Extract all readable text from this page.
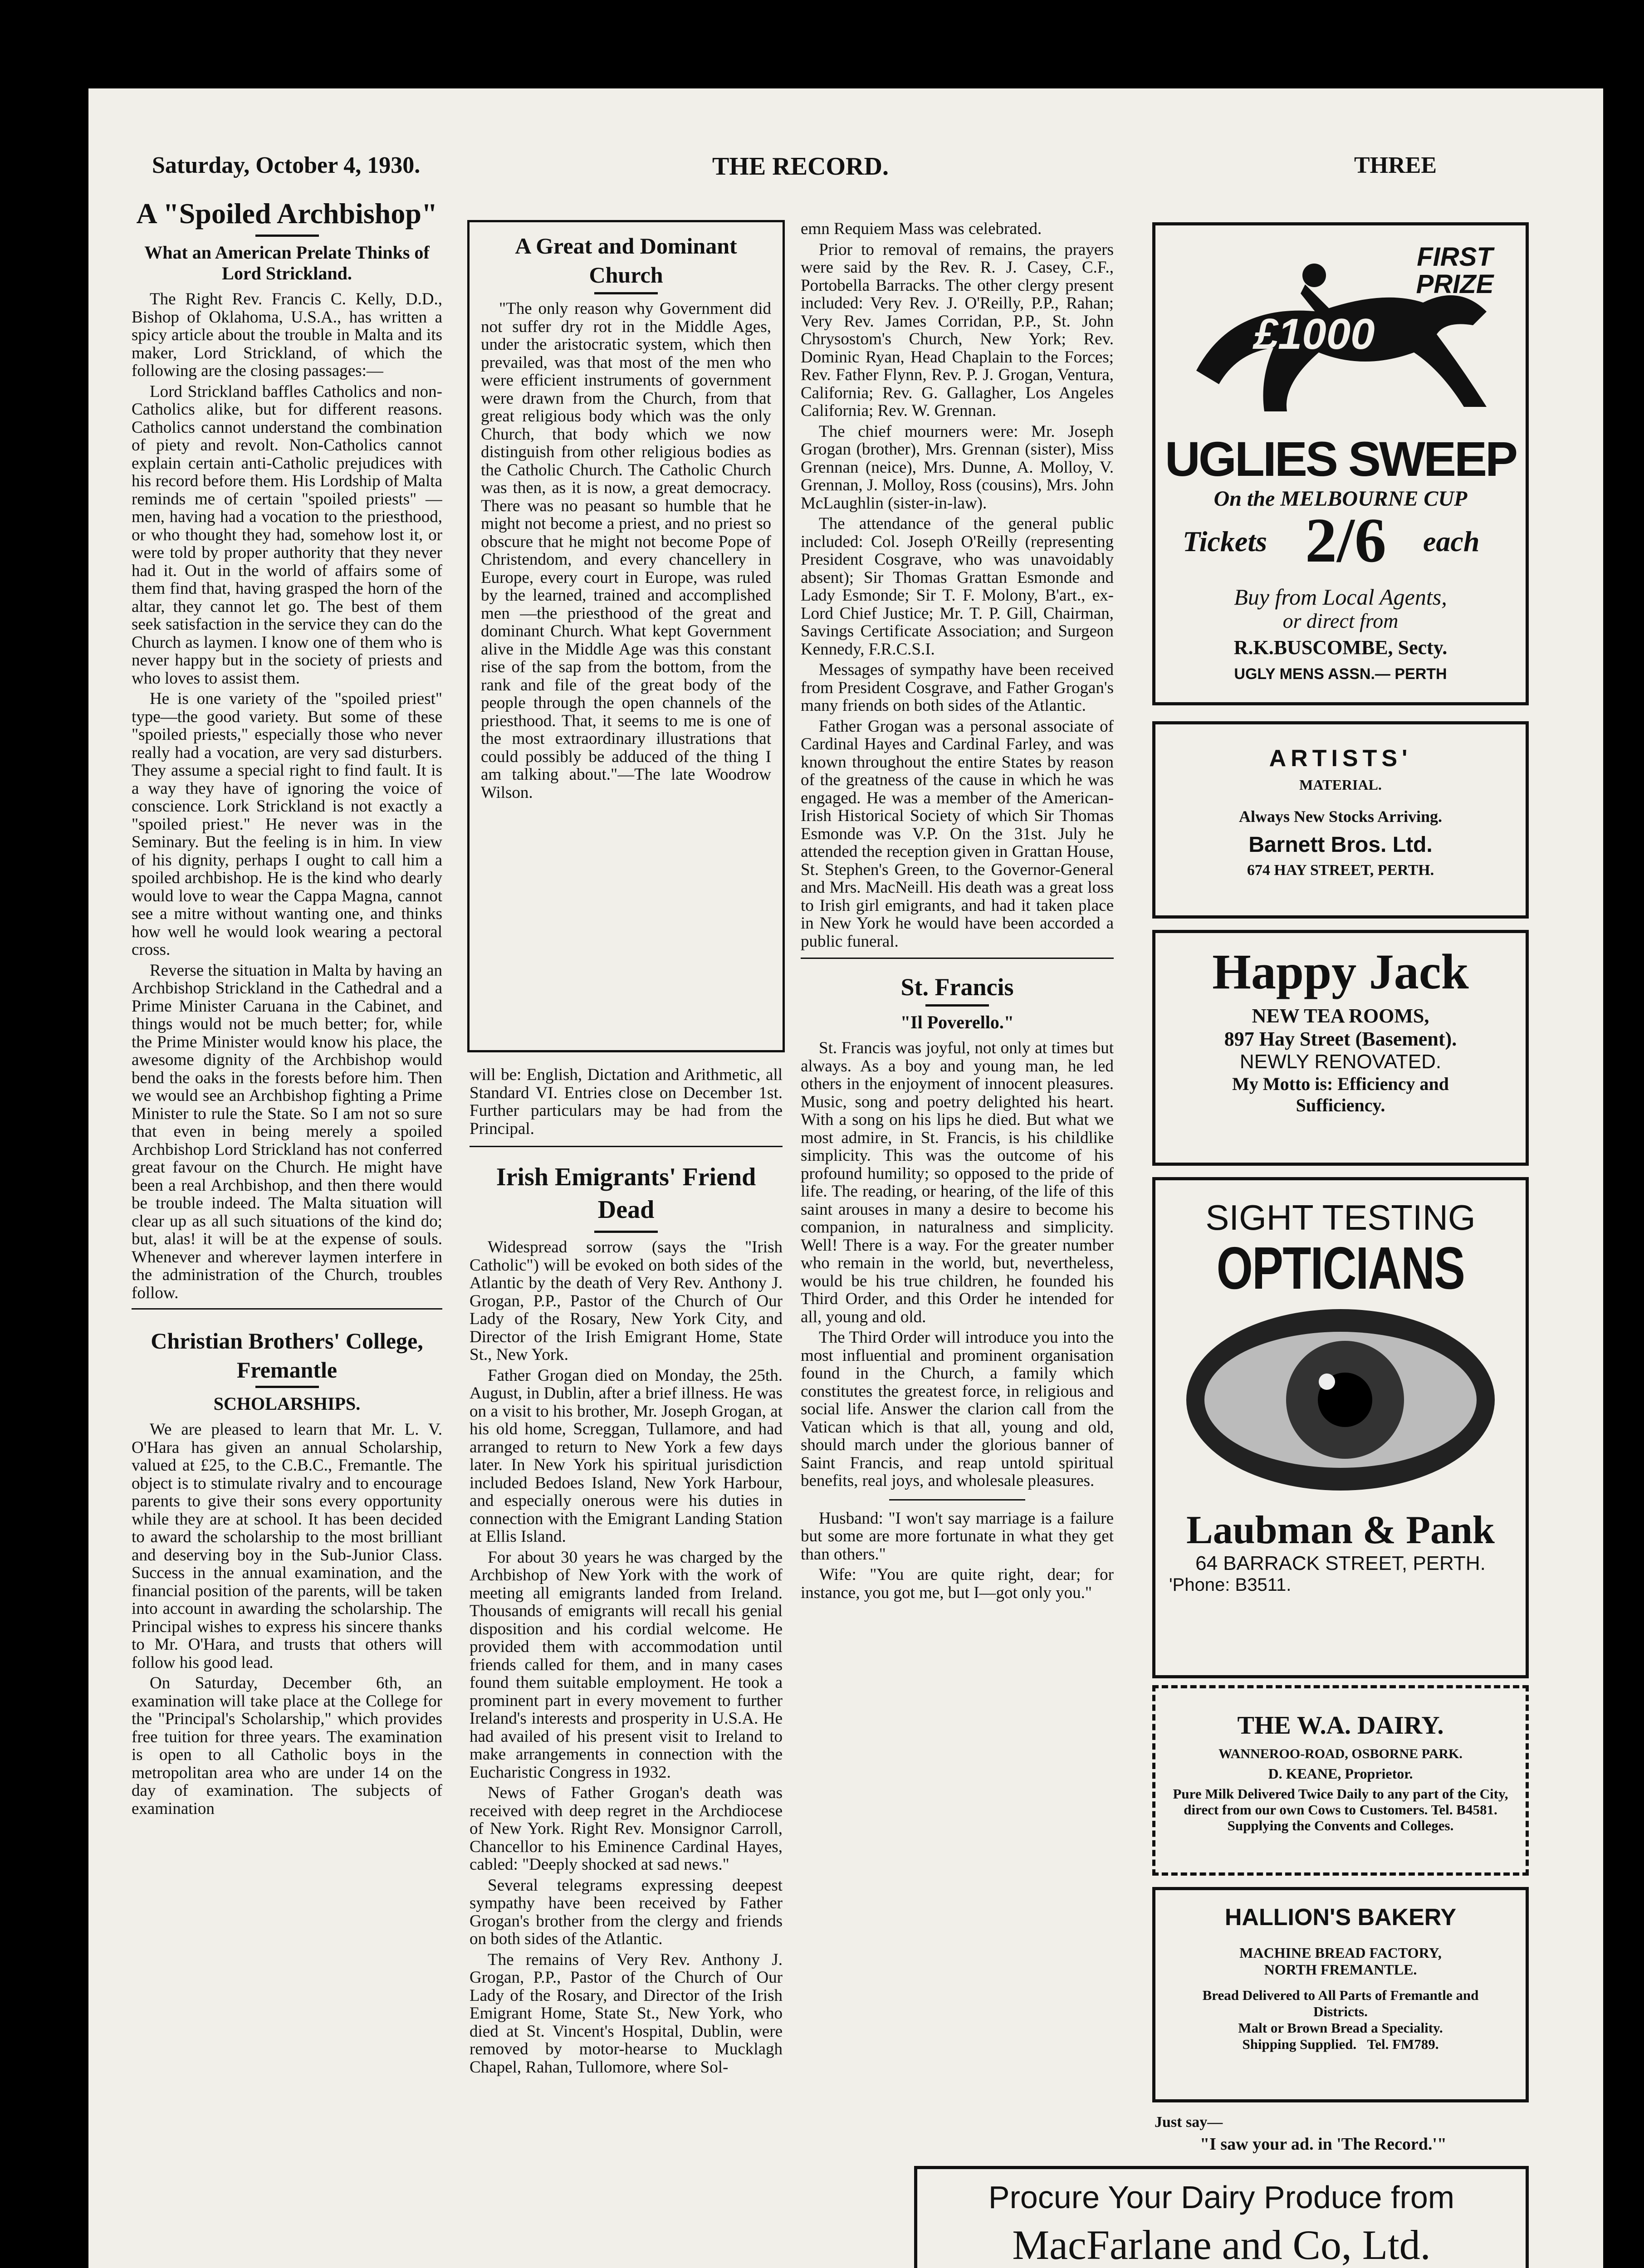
Saturday, October 4, 1930.	THE RECORD.	THREE
A "Spoiled Archbishop"
What an American Prelate Thinks of Lord Strickland.

The Right Rev. Francis C. Kelly, D.D., Bishop of Oklahoma, U.S.A., has written a spicy article about the trouble in Malta and its maker, Lord Strickland, of which the following are the closing passages:—

Lord Strickland baffles Catholics and non-Catholics alike, but for different reasons. Catholics cannot understand the combination of piety and revolt. Non-Catholics cannot explain certain anti-Catholic prejudices with his record before them. His Lordship of Malta reminds me of certain "spoiled priests" —men, having had a vocation to the priesthood, or who thought they had, somehow lost it, or were told by proper authority that they never had it. Out in the world of affairs some of them find that, having grasped the horn of the altar, they cannot let go. The best of them seek satisfaction in the service they can do the Church as laymen. I know one of them who is never happy but in the society of priests and who loves to assist them.

He is one variety of the "spoiled priest" type—the good variety. But some of these "spoiled priests," especially those who never really had a vocation, are very sad disturbers. They assume a special right to find fault. It is a way they have of ignoring the voice of conscience. Lork Strickland is not exactly a "spoiled priest." He never was in the Seminary. But the feeling is in him. In view of his dignity, perhaps I ought to call him a spoiled archbishop. He is the kind who dearly would love to wear the Cappa Magna, cannot see a mitre without wanting one, and thinks how well he would look wearing a pectoral cross.

Reverse the situation in Malta by having an Archbishop Strickland in the Cathedral and a Prime Minister Caruana in the Cabinet, and things would not be much better; for, while the Prime Minister would know his place, the awesome dignity of the Archbishop would bend the oaks in the forests before him. Then we would see an Archbishop fighting a Prime Minister to rule the State. So I am not so sure that even in being merely a spoiled Archbishop Lord Strickland has not conferred great favour on the Church. He might have been a real Archbishop, and then there would be trouble indeed. The Malta situation will clear up as all such situations of the kind do; but, alas! it will be at the expense of souls. Whenever and wherever laymen interfere in the administration of the Church, troubles follow.

Christian Brothers' College,
Fremantle
SCHOLARSHIPS.

We are pleased to learn that Mr. L. V. O'Hara has given an annual Scholarship, valued at £25, to the C.B.C., Fremantle. The object is to stimulate rivalry and to encourage parents to give their sons every opportunity while they are at school. It has been decided to award the scholarship to the most brilliant and deserving boy in the Sub-Junior Class. Success in the annual examination, and the financial position of the parents, will be taken into account in awarding the scholarship. The Principal wishes to express his sincere thanks to Mr. O'Hara, and trusts that others will follow his good lead.

On Saturday, December 6th, an examination will take place at the College for the "Principal's Scholarship," which provides free tuition for three years. The examination is open to all Catholic boys in the metropolitan area who are under 14 on the day of examination. The subjects of examination

A Great and Dominant Church
"The only reason why Government did not suffer dry rot in the Middle Ages, under the aristocratic system, which then prevailed, was that most of the men who were efficient instruments of government were drawn from the Church, from that great religious body which was the only Church, that body which we now distinguish from other religious bodies as the Catholic Church. The Catholic Church was then, as it is now, a great democracy. There was no peasant so humble that he might not become a priest, and no priest so obscure that he might not become Pope of Christendom, and every chancellery in Europe, every court in Europe, was ruled by the learned, trained and accomplished men —the priesthood of the great and dominant Church. What kept Government alive in the Middle Age was this constant rise of the sap from the bottom, from the rank and file of the great body of the people through the open channels of the priesthood. That, it seems to me is one of the most extraordinary illustrations that could possibly be adduced of the thing I am talking about."—The late Woodrow Wilson.

will be: English, Dictation and Arithmetic, all Standard VI. Entries close on December 1st. Further particulars may be had from the Principal.

Irish Emigrants' Friend Dead

Widespread sorrow (says the "Irish Catholic") will be evoked on both sides of the Atlantic by the death of Very Rev. Anthony J. Grogan, P.P., Pastor of the Church of Our Lady of the Rosary, New York City, and Director of the Irish Emigrant Home, State St., New York.

Father Grogan died on Monday, the 25th. August, in Dublin, after a brief illness. He was on a visit to his brother, Mr. Joseph Grogan, at his old home, Screggan, Tullamore, and had arranged to return to New York a few days later. In New York his spiritual jurisdiction included Bedoes Island, New York Harbour, and especially onerous were his duties in connection with the Emigrant Landing Station at Ellis Island.

For about 30 years he was charged by the Archbishop of New York with the work of meeting all emigrants landed from Ireland. Thousands of emigrants will recall his genial disposition and his cordial welcome. He provided them with accommodation until friends called for them, and in many cases found them suitable employment. He took a prominent part in every movement to further Ireland's interests and prosperity in U.S.A. He had availed of his present visit to Ireland to make arrangements in connection with the Eucharistic Congress in 1932.

News of Father Grogan's death was received with deep regret in the Archdiocese of New York. Right Rev. Monsignor Carroll, Chancellor to his Eminence Cardinal Hayes, cabled: "Deeply shocked at sad news."

Several telegrams expressing deepest sympathy have been received by Father Grogan's brother from the clergy and friends on both sides of the Atlantic.

The remains of Very Rev. Anthony J. Grogan, P.P., Pastor of the Church of Our Lady of the Rosary, and Director of the Irish Emigrant Home, State St., New York, who died at St. Vincent's Hospital, Dublin, were removed by motor-hearse to Mucklagh Chapel, Rahan, Tullomore, where Sol-

emn Requiem Mass was celebrated.

Prior to removal of remains, the prayers were said by the Rev. R. J. Casey, C.F., Portobella Barracks. The other clergy present included: Very Rev. J. O'Reilly, P.P., Rahan; Very Rev. James Corridan, P.P., St. John Chrysostom's Church, New York; Rev. Dominic Ryan, Head Chaplain to the Forces; Rev. Father Flynn, Rev. P. J. Grogan, Ventura, California; Rev. G. Gallagher, Los Angeles California; Rev. W. Grennan.

The chief mourners were: Mr. Joseph Grogan (brother), Mrs. Grennan (sister), Miss Grennan (neice), Mrs. Dunne, A. Molloy, V. Grennan, J. Molloy, Ross (cousins), Mrs. John McLaughlin (sister-in-law).

The attendance of the general public included: Col. Joseph O'Reilly (representing President Cosgrave, who was unavoidably absent); Sir Thomas Grattan Esmonde and Lady Esmonde; Sir T. F. Molony, B'art., ex-Lord Chief Justice; Mr. T. P. Gill, Chairman, Savings Certificate Association; and Surgeon Kennedy, F.R.C.S.I.

Messages of sympathy have been received from President Cosgrave, and Father Grogan's many friends on both sides of the Atlantic.

Father Grogan was a personal associate of Cardinal Hayes and Cardinal Farley, and was known throughout the entire States by reason of the greatness of the cause in which he was engaged. He was a member of the American-Irish Historical Society of which Sir Thomas Esmonde was V.P. On the 31st. July he attended the reception given in Grattan House, St. Stephen's Green, to the Governor-General and Mrs. MacNeill. His death was a great loss to Irish girl emigrants, and had it taken place in New York he would have been accorded a public funeral.

St. Francis
"Il Poverello."

St. Francis was joyful, not only at times but always. As a boy and young man, he led others in the enjoyment of innocent pleasures. Music, song and poetry delighted his heart. With a song on his lips he died. But what we most admire, in St. Francis, is his childlike simplicity. This was the outcome of his profound humility; so opposed to the pride of life. The reading, or hearing, of the life of this saint arouses in many a desire to become his companion, in naturalness and simplicity. Well! There is a way. For the greater number who remain in the world, but, nevertheless, would be his true children, he founded his Third Order, and this Order he intended for all, young and old.

The Third Order will introduce you into the most influential and prominent organisation found in the Church, a family which constitutes the greatest force, in religious and social life. Answer the clarion call from the Vatican which is that all, young and old, should march under the glorious banner of Saint Francis, and reap untold spiritual benefits, real joys, and wholesale pleasures.

Husband: "I won't say marriage is a failure but some are more fortunate in what they get than others."

Wife: "You are quite right, dear; for instance, you got me, but I—got only you."

FIRST PRIZE
£1000
UGLIES SWEEP
On the MELBOURNE CUP
Tickets 2/6 each
Buy from Local Agents,
or direct from
R.K.BUSCOMBE, Secty.
UGLY MENS ASSN.— PERTH
ARTISTS'
MATERIAL.
Always New Stocks Arriving.
Barnett Bros. Ltd.
674 HAY STREET, PERTH.
Happy Jack
NEW TEA ROOMS,
897 Hay Street (Basement).
NEWLY RENOVATED.
My Motto is: Efficiency and Sufficiency.
SIGHT TESTING
OPTICIANS
Laubman & Pank
64 BARRACK STREET, PERTH.
'Phone: B3511.
THE W.A. DAIRY.
WANNEROO-ROAD, OSBORNE PARK.
D. KEANE, Proprietor.
Pure Milk Delivered Twice Daily to any part of the City, direct from our own Cows to Customers. Tel. B4581.
Supplying the Convents and Colleges.
HALLION'S BAKERY
MACHINE BREAD FACTORY,
NORTH FREMANTLE.
Bread Delivered to All Parts of Fremantle and Districts.
Malt or Brown Bread a Speciality.
Shipping Supplied. Tel. FM789.
Just say—
"I saw your ad. in 'The Record.'"
Procure Your Dairy Produce from
MacFarlane and Co, Ltd.
